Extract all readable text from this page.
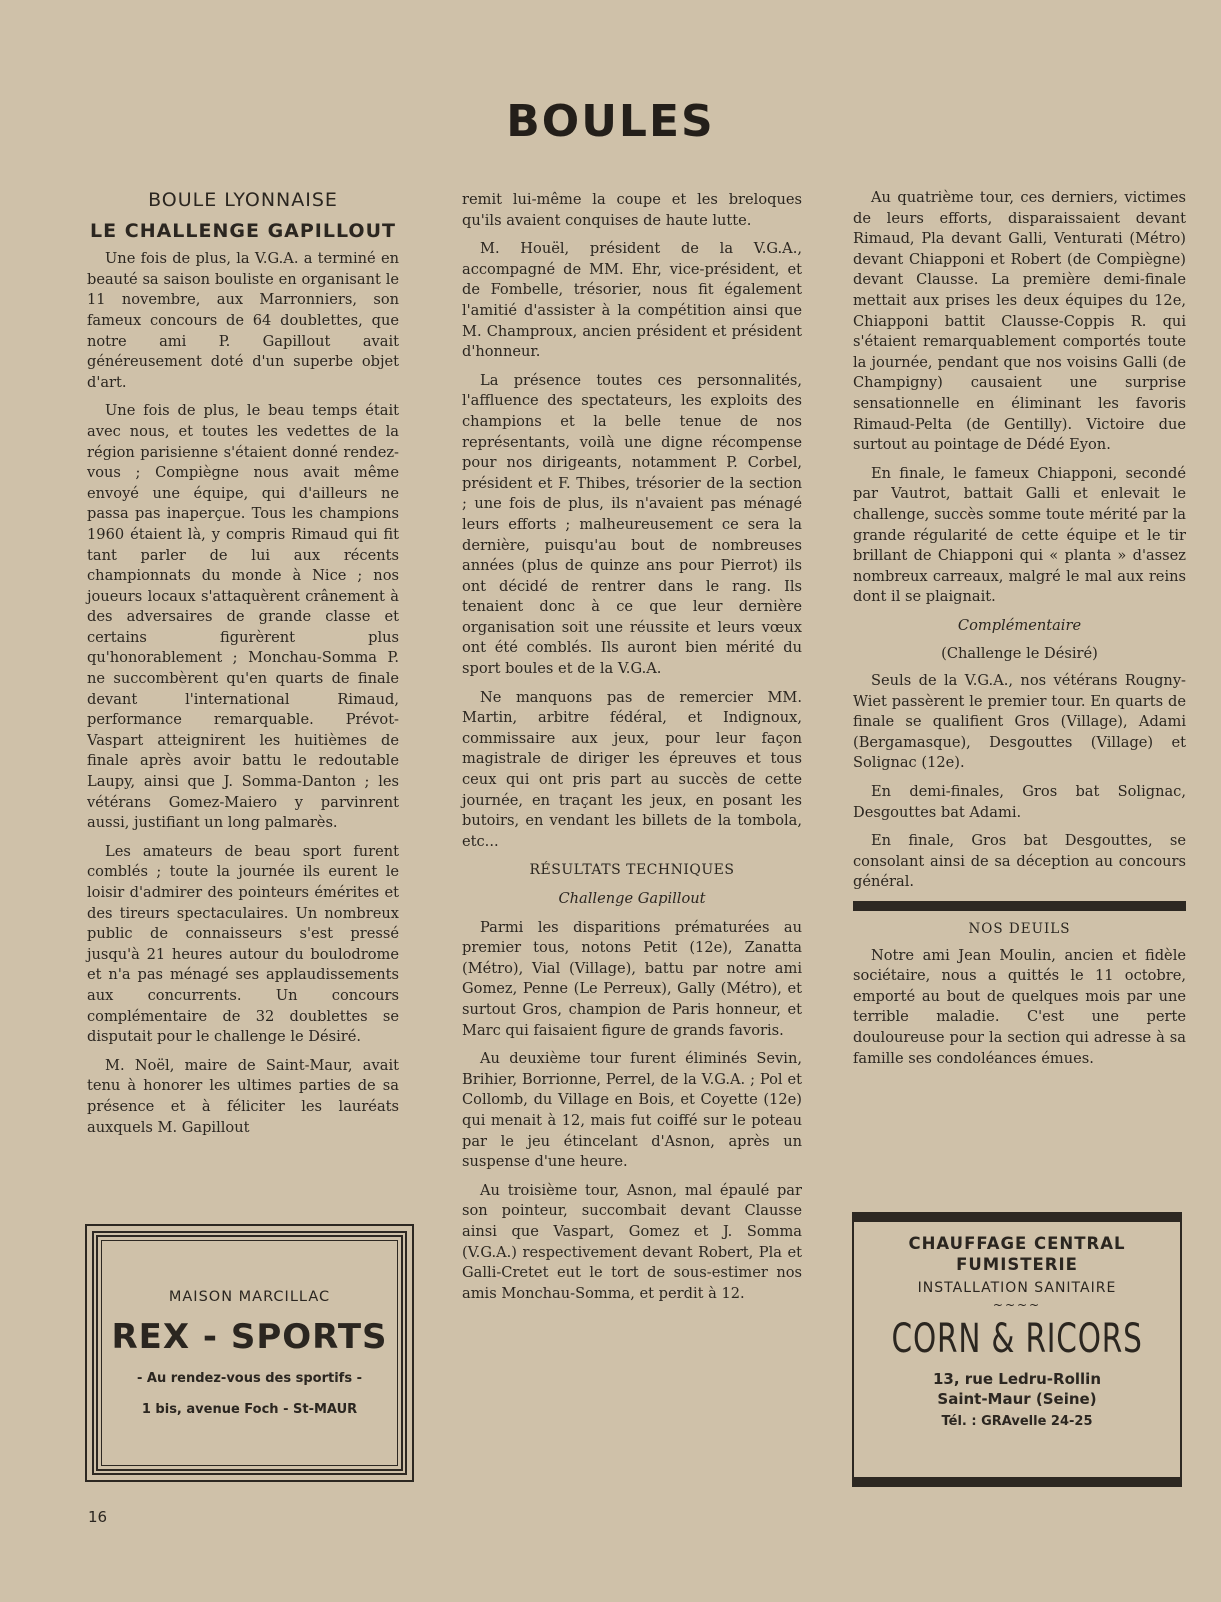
BOULES
BOULE LYONNAISE
LE CHALLENGE GAPILLOUT

Une fois de plus, la V.G.A. a terminé en beauté sa saison bouliste en organisant le 11 novembre, aux Marronniers, son fameux concours de 64 doublettes, que notre ami P. Gapillout avait généreusement doté d'un superbe objet d'art.

Une fois de plus, le beau temps était avec nous, et toutes les vedettes de la région parisienne s'étaient donné rendez-vous ; Compiègne nous avait même envoyé une équipe, qui d'ailleurs ne passa pas inaperçue. Tous les champions 1960 étaient là, y compris Rimaud qui fit tant parler de lui aux récents championnats du monde à Nice ; nos joueurs locaux s'attaquèrent crânement à des adversaires de grande classe et certains figurèrent plus qu'honorablement ; Monchau-Somma P. ne succombèrent qu'en quarts de finale devant l'international Rimaud, performance remarquable. Prévot-Vaspart atteignirent les huitièmes de finale après avoir battu le redoutable Laupy, ainsi que J. Somma-Danton ; les vétérans Gomez-Maiero y parvinrent aussi, justifiant un long palmarès.

Les amateurs de beau sport furent comblés ; toute la journée ils eurent le loisir d'admirer des pointeurs émérites et des tireurs spectaculaires. Un nombreux public de connaisseurs s'est pressé jusqu'à 21 heures autour du boulodrome et n'a pas ménagé ses applaudissements aux concurrents. Un concours complémentaire de 32 doublettes se disputait pour le challenge le Désiré.

M. Noël, maire de Saint-Maur, avait tenu à honorer les ultimes parties de sa présence et à féliciter les lauréats auxquels M. Gapillout

remit lui-même la coupe et les breloques qu'ils avaient conquises de haute lutte.

M. Houël, président de la V.G.A., accompagné de MM. Ehr, vice-président, et de Fombelle, trésorier, nous fit également l'amitié d'assister à la compétition ainsi que M. Champroux, ancien président et président d'honneur.

La présence toutes ces personnalités, l'affluence des spectateurs, les exploits des champions et la belle tenue de nos représentants, voilà une digne récompense pour nos dirigeants, notamment P. Corbel, président et F. Thibes, trésorier de la section ; une fois de plus, ils n'avaient pas ménagé leurs efforts ; malheureusement ce sera la dernière, puisqu'au bout de nombreuses années (plus de quinze ans pour Pierrot) ils ont décidé de rentrer dans le rang. Ils tenaient donc à ce que leur dernière organisation soit une réussite et leurs vœux ont été comblés. Ils auront bien mérité du sport boules et de la V.G.A.

Ne manquons pas de remercier MM. Martin, arbitre fédéral, et Indignoux, commissaire aux jeux, pour leur façon magistrale de diriger les épreuves et tous ceux qui ont pris part au succès de cette journée, en traçant les jeux, en posant les butoirs, en vendant les billets de la tombola, etc...

RÉSULTATS TECHNIQUES
Challenge Gapillout

Parmi les disparitions prématurées au premier tous, notons Petit (12e), Zanatta (Métro), Vial (Village), battu par notre ami Gomez, Penne (Le Perreux), Gally (Métro), et surtout Gros, champion de Paris honneur, et Marc qui faisaient figure de grands favoris.

Au deuxième tour furent éliminés Sevin, Brihier, Borrionne, Perrel, de la V.G.A. ; Pol et Collomb, du Village en Bois, et Coyette (12e) qui menait à 12, mais fut coiffé sur le poteau par le jeu étincelant d'Asnon, après un suspense d'une heure.

Au troisième tour, Asnon, mal épaulé par son pointeur, succombait devant Clausse ainsi que Vaspart, Gomez et J. Somma (V.G.A.) respectivement devant Robert, Pla et Galli-Cretet eut le tort de sous-estimer nos amis Monchau-Somma, et perdit à 12.

Au quatrième tour, ces derniers, victimes de leurs efforts, disparaissaient devant Rimaud, Pla devant Galli, Venturati (Métro) devant Chiapponi et Robert (de Compiègne) devant Clausse. La première demi-finale mettait aux prises les deux équipes du 12e, Chiapponi battit Clausse-Coppis R. qui s'étaient remarquablement comportés toute la journée, pendant que nos voisins Galli (de Champigny) causaient une surprise sensationnelle en éliminant les favoris Rimaud-Pelta (de Gentilly). Victoire due surtout au pointage de Dédé Eyon.

En finale, le fameux Chiapponi, secondé par Vautrot, battait Galli et enlevait le challenge, succès somme toute mérité par la grande régularité de cette équipe et le tir brillant de Chiapponi qui « planta » d'assez nombreux carreaux, malgré le mal aux reins dont il se plaignait.

Complémentaire
(Challenge le Désiré)

Seuls de la V.G.A., nos vétérans Rougny-Wiet passèrent le premier tour. En quarts de finale se qualifient Gros (Village), Adami (Bergamasque), Desgouttes (Village) et Solignac (12e).

En demi-finales, Gros bat Solignac, Desgouttes bat Adami.

En finale, Gros bat Desgouttes, se consolant ainsi de sa déception au concours général.

NOS DEUILS

Notre ami Jean Moulin, ancien et fidèle sociétaire, nous a quittés le 11 octobre, emporté au bout de quelques mois par une terrible maladie. C'est une perte douloureuse pour la section qui adresse à sa famille ses condoléances émues.

MAISON MARCILLAC
REX - SPORTS
- Au rendez-vous des sportifs -
1 bis, avenue Foch - St-MAUR
CHAUFFAGE CENTRAL
FUMISTERIE
INSTALLATION SANITAIRE
~~~~
CORN & RICORS
13, rue Ledru-Rollin
Saint-Maur (Seine)
Tél. : GRAvelle 24-25
16
